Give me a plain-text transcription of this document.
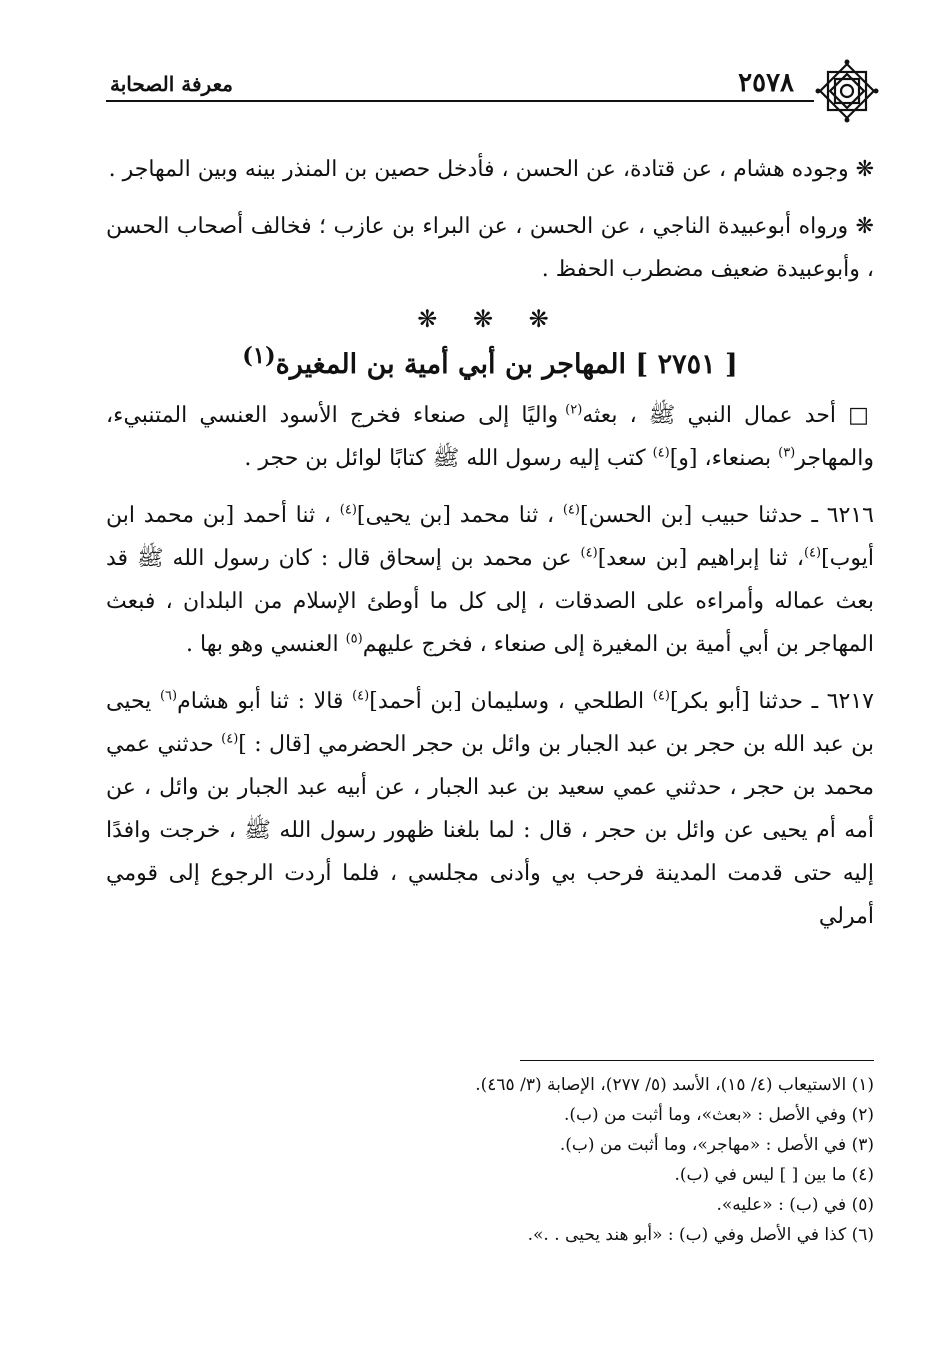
معرفة الصحابة	٢٥٧٨

❋ وجوده هشام ، عن قتادة، عن الحسن ، فأدخل حصين بن المنذر بينه وبين المهاجر .

❋ ورواه أبوعبيدة الناجي ، عن الحسن ، عن البراء بن عازب ؛ فخالف أصحاب الحسن ، وأبوعبيدة ضعيف مضطرب الحفظ .

❋ ❋ ❋
[ ٢٧٥١ ] المهاجر بن أبي أمية بن المغيرة$^{(١)}$

□ أحد عمال النبي ﷺ ، بعثه$^{(٢)}$ واليًا إلى صنعاء فخرج الأسود العنسي المتنبيء، والمهاجر$^{(٣)}$ بصنعاء، [و]$^{(٤)}$ كتب إليه رسول الله ﷺ كتابًا لوائل بن حجر .

٦٢١٦ ـ حدثنا حبيب [بن الحسن]$^{(٤)}$ ، ثنا محمد [بن يحيى]$^{(٤)}$ ، ثنا أحمد [بن محمد ابن أيوب]$^{(٤)}$، ثنا إبراهيم [بن سعد]$^{(٤)}$ عن محمد بن إسحاق قال : كان رسول الله ﷺ قد بعث عماله وأمراءه على الصدقات ، إلى كل ما أوطئ الإسلام من البلدان ، فبعث المهاجر بن أبي أمية بن المغيرة إلى صنعاء ، فخرج عليهم$^{(٥)}$ العنسي وهو بها .

٦٢١٧ ـ حدثنا [أبو بكر]$^{(٤)}$ الطلحي ، وسليمان [بن أحمد]$^{(٤)}$ قالا : ثنا أبو هشام$^{(٦)}$ يحيى بن عبد الله بن حجر بن عبد الجبار بن وائل بن حجر الحضرمي [قال : ]$^{(٤)}$ حدثني عمي محمد بن حجر ، حدثني عمي سعيد بن عبد الجبار ، عن أبيه عبد الجبار بن وائل ، عن أمه أم يحيى عن وائل بن حجر ، قال : لما بلغنا ظهور رسول الله ﷺ ، خرجت وافدًا إليه حتى قدمت المدينة فرحب بي وأدنى مجلسي ، فلما أردت الرجوع إلى قومي أمرلي

(١) الاستيعاب (٤/ ١٥)، الأسد (٥/ ٢٧٧)، الإصابة (٣/ ٤٦٥).

(٢) وفي الأصل : «بعث»، وما أثبت من (ب).

(٣) في الأصل : «مهاجر»، وما أثبت من (ب).

(٤) ما بين [ ] ليس في (ب).

(٥) في (ب) : «عليه».

(٦) كذا في الأصل وفي (ب) : «أبو هند يحيى . .».
